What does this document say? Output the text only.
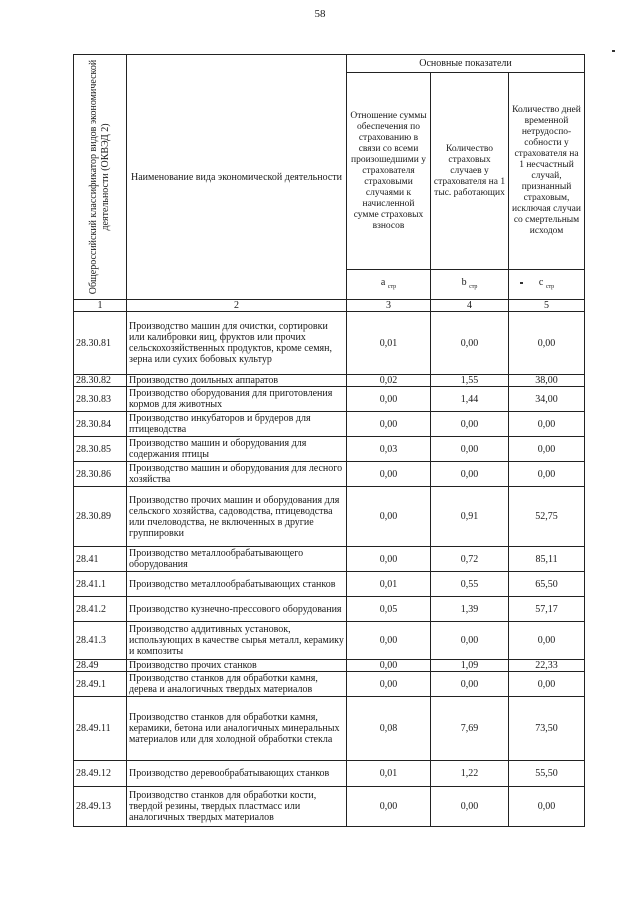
58
Общероссийский классификатор видов экономической деятельности (ОКВЭД 2)	Наименование вида экономической деятельности	Основные показатели		
		Отношение суммы обеспечения по страхованию в связи со всеми произошедшими у страхователя страховыми случаями к начисленной сумме страховых взносов	Количество страховых случаев у страхователя на 1 тыс. работающих	Количество дней временной нетрудоспо-собности у страхователя на 1 несчастный случай, признанный страховым, исключая случаи со смертельным исходом
		a $_{стр}$	b $_{стр}$	c $_{стр}$
1	2	3	4	5
28.30.81	Производство машин для очистки, сортировки или калибровки яиц, фруктов или прочих сельскохозяйственных продуктов, кроме семян, зерна или сухих бобовых культур	0,01	0,00	0,00
28.30.82	Производство доильных аппаратов	0,02	1,55	38,00
28.30.83	Производство оборудования для приготовления кормов для животных	0,00	1,44	34,00
28.30.84	Производство инкубаторов и брудеров для птицеводства	0,00	0,00	0,00
28.30.85	Производство машин и оборудования для содержания птицы	0,03	0,00	0,00
28.30.86	Производство машин и оборудования для лесного хозяйства	0,00	0,00	0,00
28.30.89	Производство прочих машин и оборудования для сельского хозяйства, садоводства, птицеводства или пчеловодства, не включенных в другие группировки	0,00	0,91	52,75
28.41	Производство металлообрабатывающего оборудования	0,00	0,72	85,11
28.41.1	Производство металлообрабатывающих станков	0,01	0,55	65,50
28.41.2	Производство кузнечно-прессового оборудования	0,05	1,39	57,17
28.41.3	Производство аддитивных установок, использующих в качестве сырья металл, керамику и композиты	0,00	0,00	0,00
28.49	Производство прочих станков	0,00	1,09	22,33
28.49.1	Производство станков для обработки камня, дерева и аналогичных твердых материалов	0,00	0,00	0,00
28.49.11	Производство станков для обработки камня, керамики, бетона или аналогичных минеральных материалов или для холодной обработки стекла	0,08	7,69	73,50
28.49.12	Производство деревообрабатывающих станков	0,01	1,22	55,50
28.49.13	Производство станков для обработки кости, твердой резины, твердых пластмасс или аналогичных твердых материалов	0,00	0,00	0,00
